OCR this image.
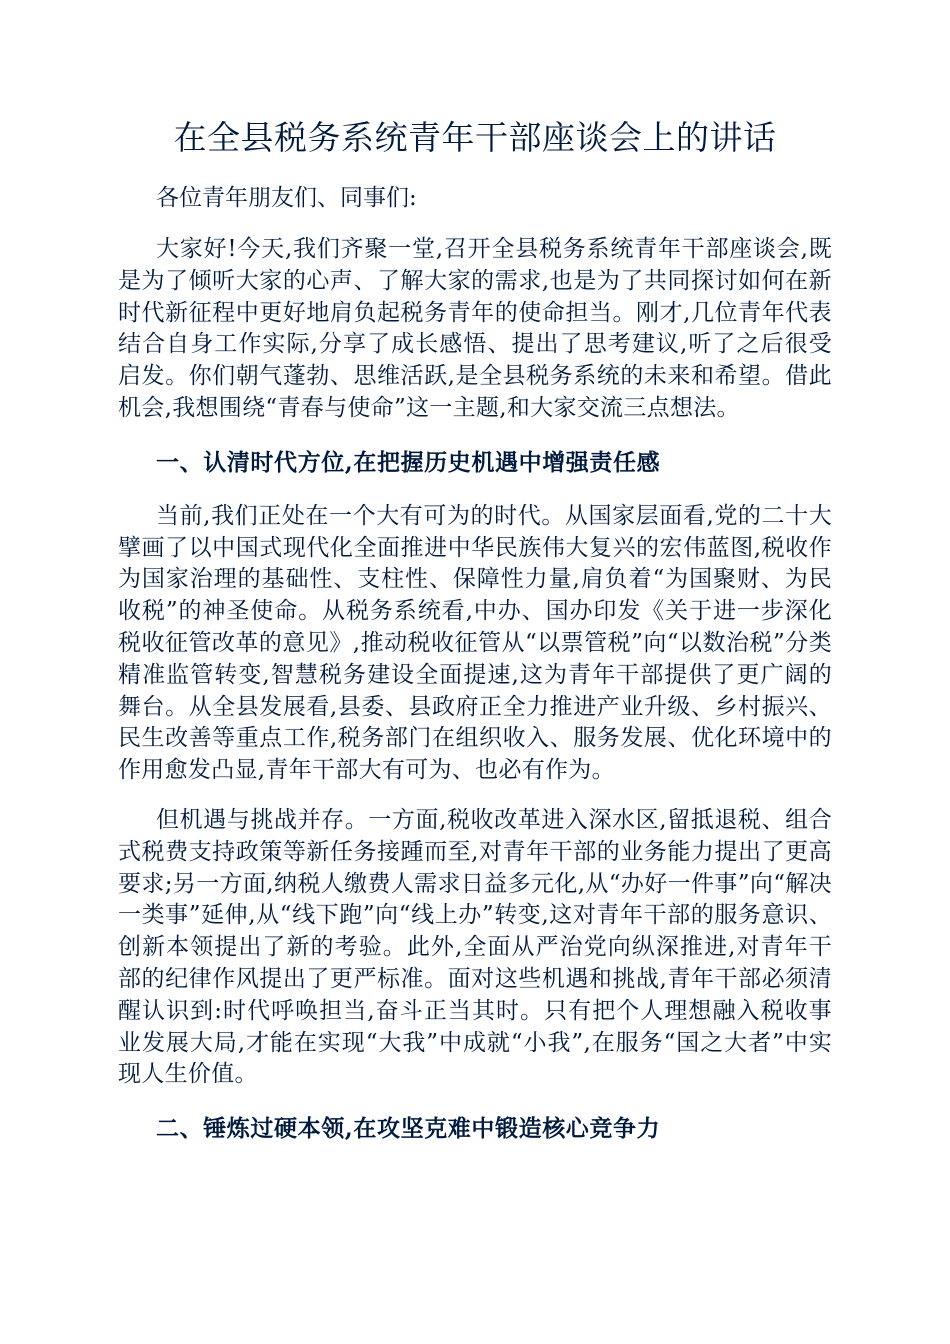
在全县税务系统青年干部座谈会上的讲话

各位青年朋友们、同事们:

大家好!今天,我们齐聚一堂,召开全县税务系统青年干部座谈会,既是为了倾听大家的心声、了解大家的需求,也是为了共同探讨如何在新时代新征程中更好地肩负起税务青年的使命担当。刚才,几位青年代表结合自身工作实际,分享了成长感悟、提出了思考建议,听了之后很受启发。你们朝气蓬勃、思维活跃,是全县税务系统的未来和希望。借此机会,我想围绕“青春与使命”这一主题,和大家交流三点想法。

一、认清时代方位,在把握历史机遇中增强责任感

当前,我们正处在一个大有可为的时代。从国家层面看,党的二十大擘画了以中国式现代化全面推进中华民族伟大复兴的宏伟蓝图,税收作为国家治理的基础性、支柱性、保障性力量,肩负着“为国聚财、为民收税”的神圣使命。从税务系统看,中办、国办印发《关于进一步深化税收征管改革的意见》,推动税收征管从“以票管税”向“以数治税”分类精准监管转变,智慧税务建设全面提速,这为青年干部提供了更广阔的舞台。从全县发展看,县委、县政府正全力推进产业升级、乡村振兴、民生改善等重点工作,税务部门在组织收入、服务发展、优化环境中的作用愈发凸显,青年干部大有可为、也必有作为。

但机遇与挑战并存。一方面,税收改革进入深水区,留抵退税、组合式税费支持政策等新任务接踵而至,对青年干部的业务能力提出了更高要求;另一方面,纳税人缴费人需求日益多元化,从“办好一件事”向“解决一类事”延伸,从“线下跑”向“线上办”转变,这对青年干部的服务意识、创新本领提出了新的考验。此外,全面从严治党向纵深推进,对青年干部的纪律作风提出了更严标准。面对这些机遇和挑战,青年干部必须清醒认识到:时代呼唤担当,奋斗正当其时。只有把个人理想融入税收事业发展大局,才能在实现“大我”中成就“小我”,在服务“国之大者”中实现人生价值。

二、锤炼过硬本领,在攻坚克难中锻造核心竞争力
